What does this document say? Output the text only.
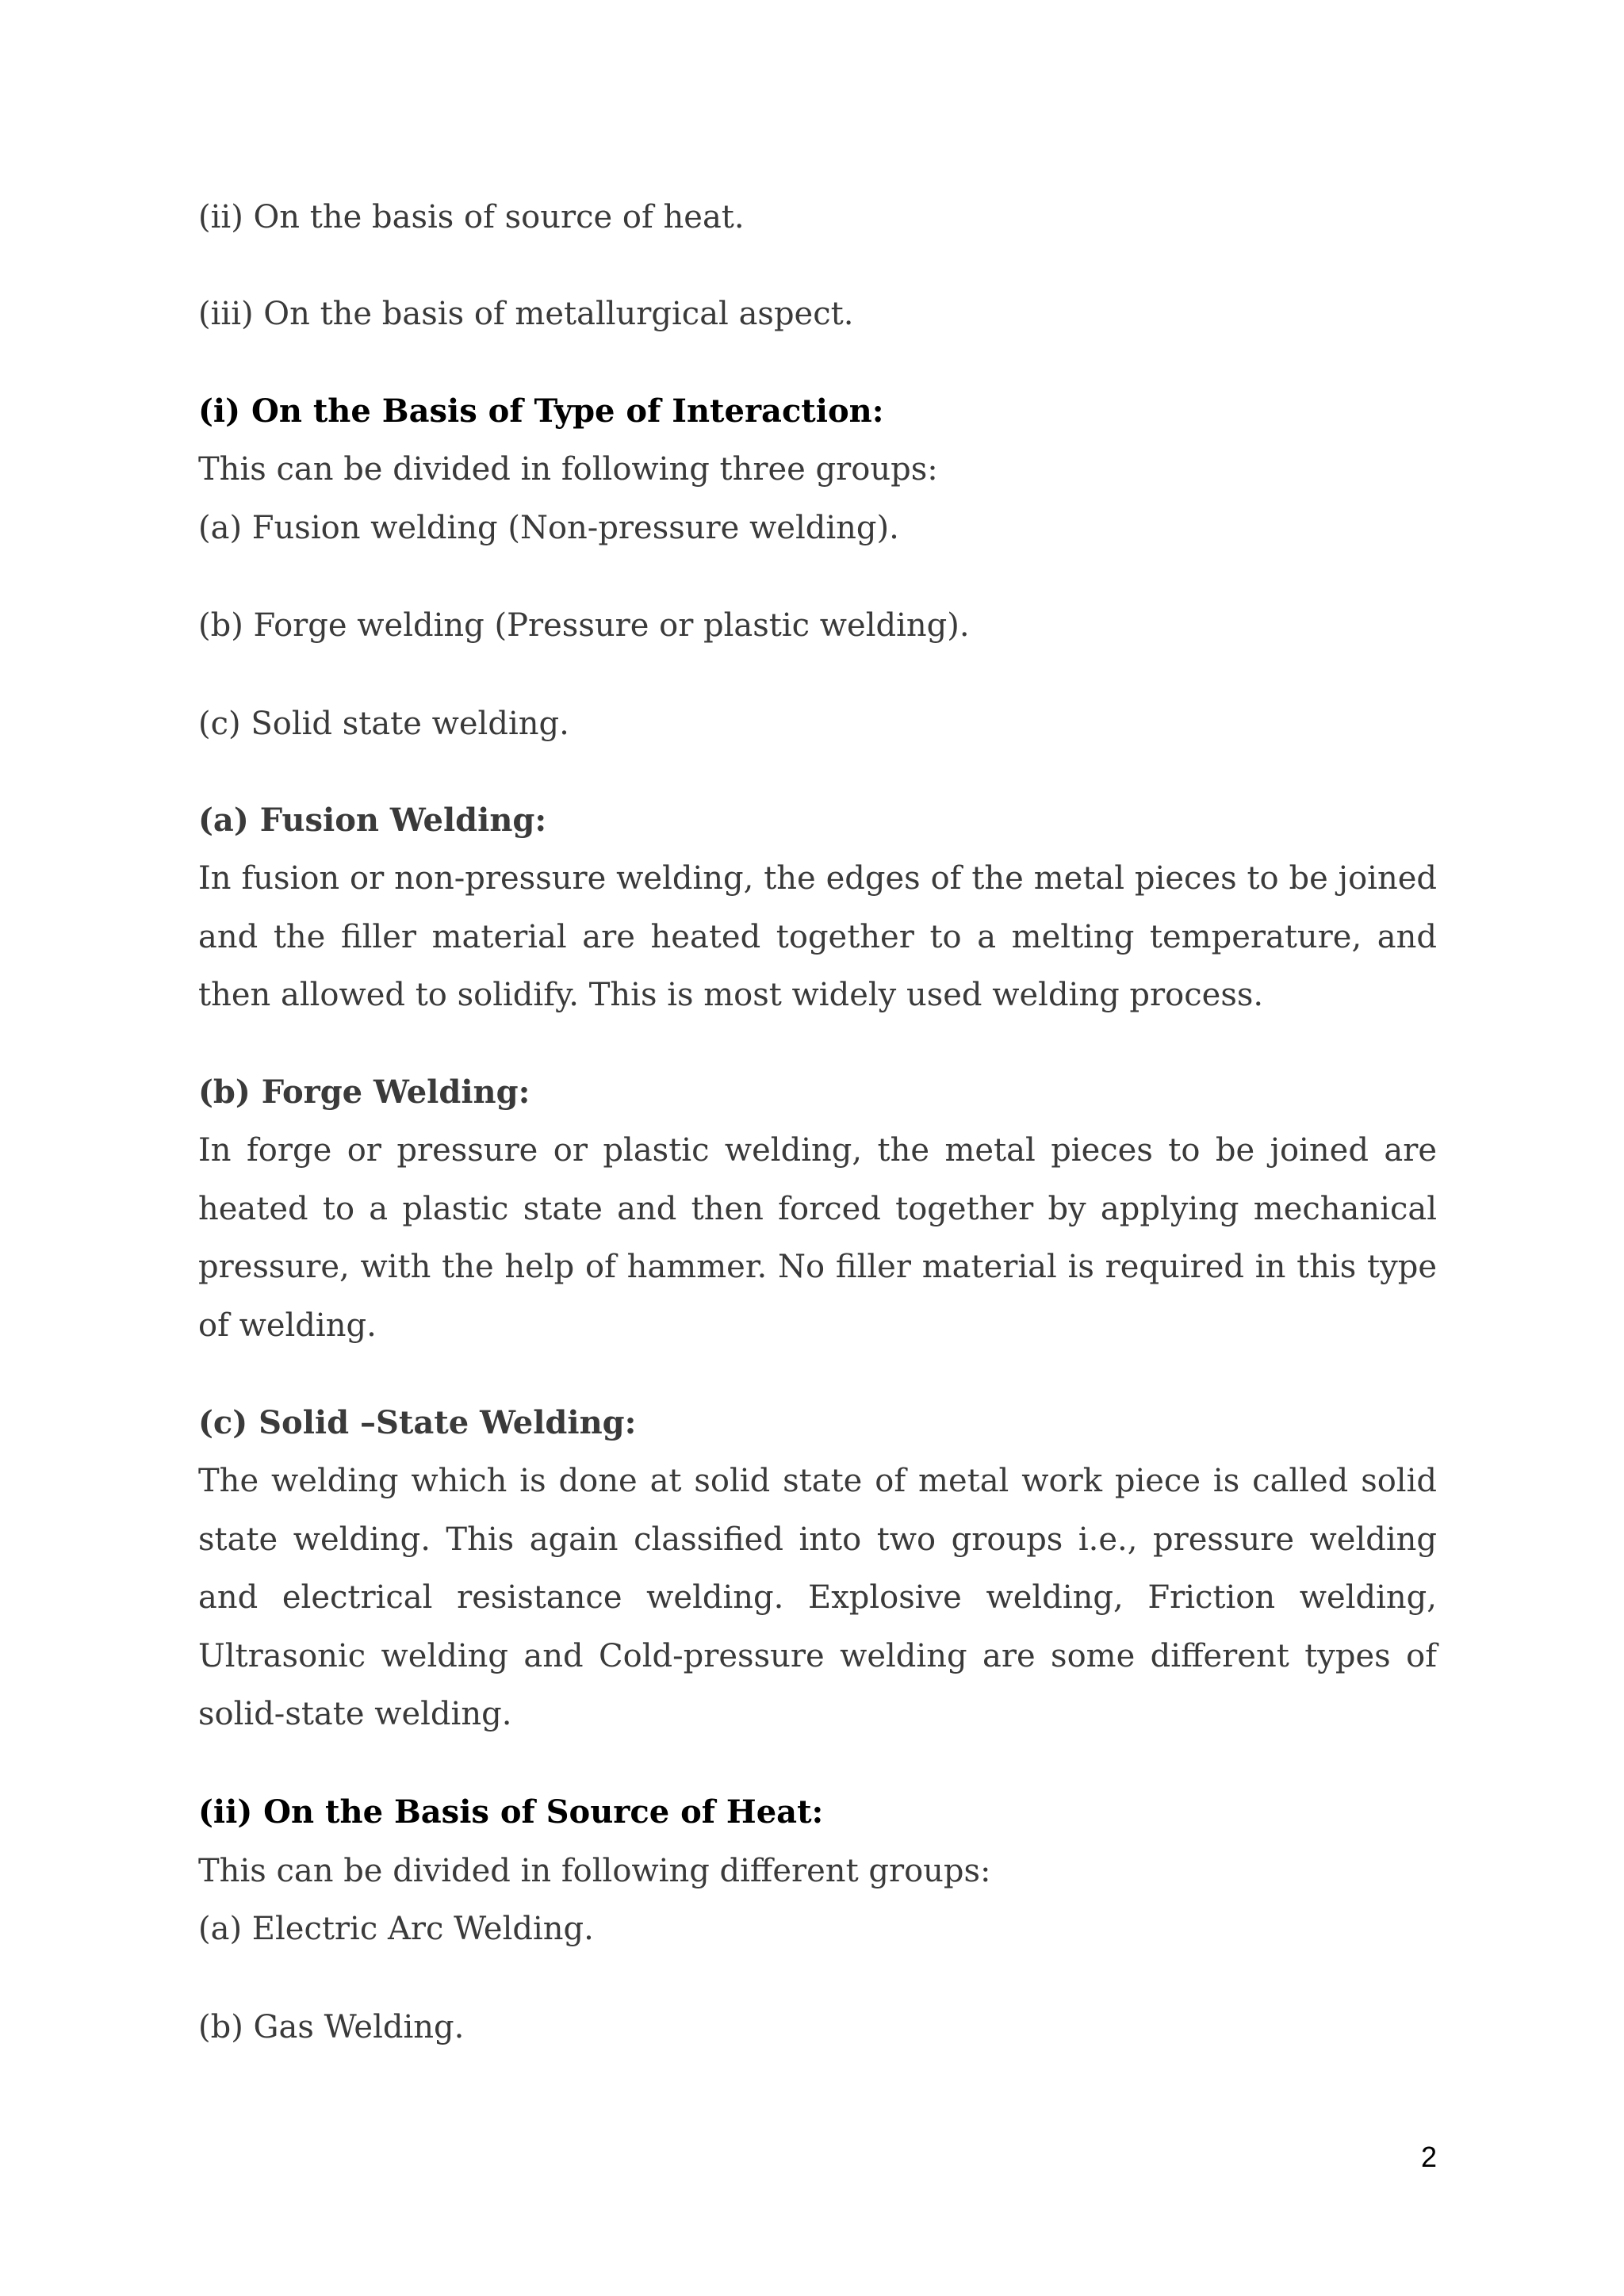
(ii) On the basis of source of heat.
(iii) On the basis of metallurgical aspect.
(i) On the Basis of Type of Interaction:
This can be divided in following three groups:
(a) Fusion welding (Non-pressure welding).
(b) Forge welding (Pressure or plastic welding).
(c) Solid state welding.
(a) Fusion Welding:

In fusion or non-pressure welding, the edges of the metal pieces to be joined and the filler material are heated together to a melting temperature, and then allowed to solidify. This is most widely used welding process.

(b) Forge Welding:

In forge or pressure or plastic welding, the metal pieces to be joined are heated to a plastic state and then forced together by applying mechanical pressure, with the help of hammer. No filler material is required in this type of welding.

(c) Solid –State Welding:

The welding which is done at solid state of metal work piece is called solid state welding. This again classified into two groups i.e., pressure welding and electrical resistance welding. Explosive welding, Friction welding, Ultrasonic welding and Cold-pressure welding are some different types of solid-state welding.

(ii) On the Basis of Source of Heat:
This can be divided in following different groups:
(a) Electric Arc Welding.
(b) Gas Welding.
2
